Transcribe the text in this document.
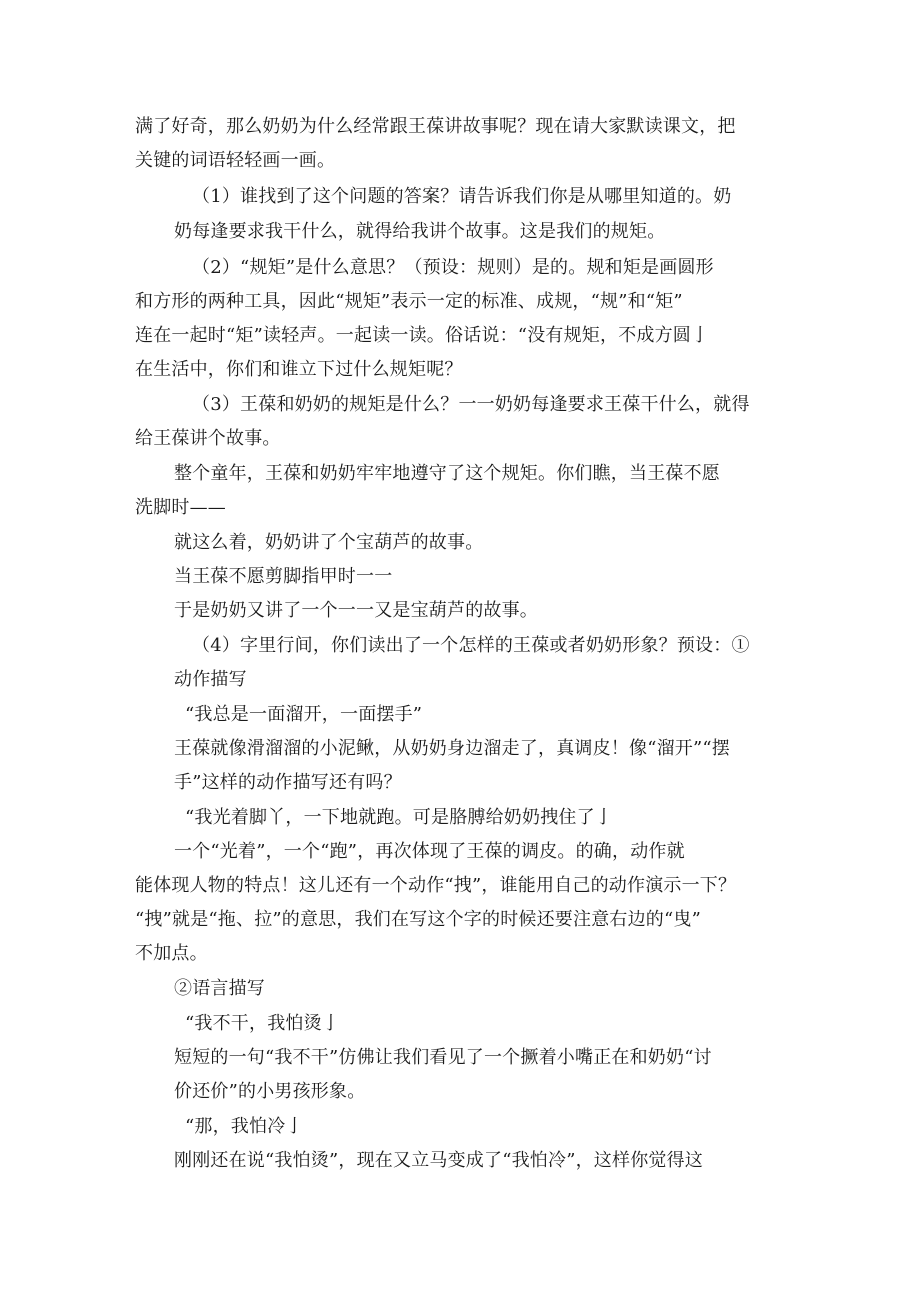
满了好奇，那么奶奶为什么经常跟王葆讲故事呢？现在请大家默读课文，把
关键的词语轻轻画一画。
（1）谁找到了这个问题的答案？请告诉我们你是从哪里知道的。奶
奶每逢要求我干什么，就得给我讲个故事。这是我们的规矩。
（2）“规矩”是什么意思？（预设：规则）是的。规和矩是画圆形
和方形的两种工具，因此“规矩”表示一定的标准、成规，“规”和“矩”
连在一起时“矩”读轻声。一起读一读。俗话说：“没有规矩，不成方圆亅
在生活中，你们和谁立下过什么规矩呢？
（3）王葆和奶奶的规矩是什么？一一奶奶每逢要求王葆干什么，就得
给王葆讲个故事。
整个童年，王葆和奶奶牢牢地遵守了这个规矩。你们瞧，当王葆不愿
洗脚时——
就这么着，奶奶讲了个宝葫芦的故事。
当王葆不愿剪脚指甲时一一
于是奶奶又讲了一个一一又是宝葫芦的故事。
（4）字里行间，你们读出了一个怎样的王葆或者奶奶形象？预设：①
动作描写
“我总是一面溜开，一面摆手”
王葆就像滑溜溜的小泥鳅，从奶奶身边溜走了，真调皮！像“溜开”“摆
手”这样的动作描写还有吗？
“我光着脚丫，一下地就跑。可是胳膊给奶奶拽住了亅
一个“光着”，一个“跑”，再次体现了王葆的调皮。的确，动作就
能体现人物的特点！这儿还有一个动作“拽”，谁能用自己的动作演示一下？
“拽”就是“拖、拉”的意思，我们在写这个字的时候还要注意右边的“曳”
不加点。
②语言描写
“我不干，我怕烫亅
短短的一句“我不干”仿佛让我们看见了一个撅着小嘴正在和奶奶“讨
价还价”的小男孩形象。
“那，我怕冷亅
刚刚还在说“我怕烫”，现在又立马变成了“我怕冷”，这样你觉得这
